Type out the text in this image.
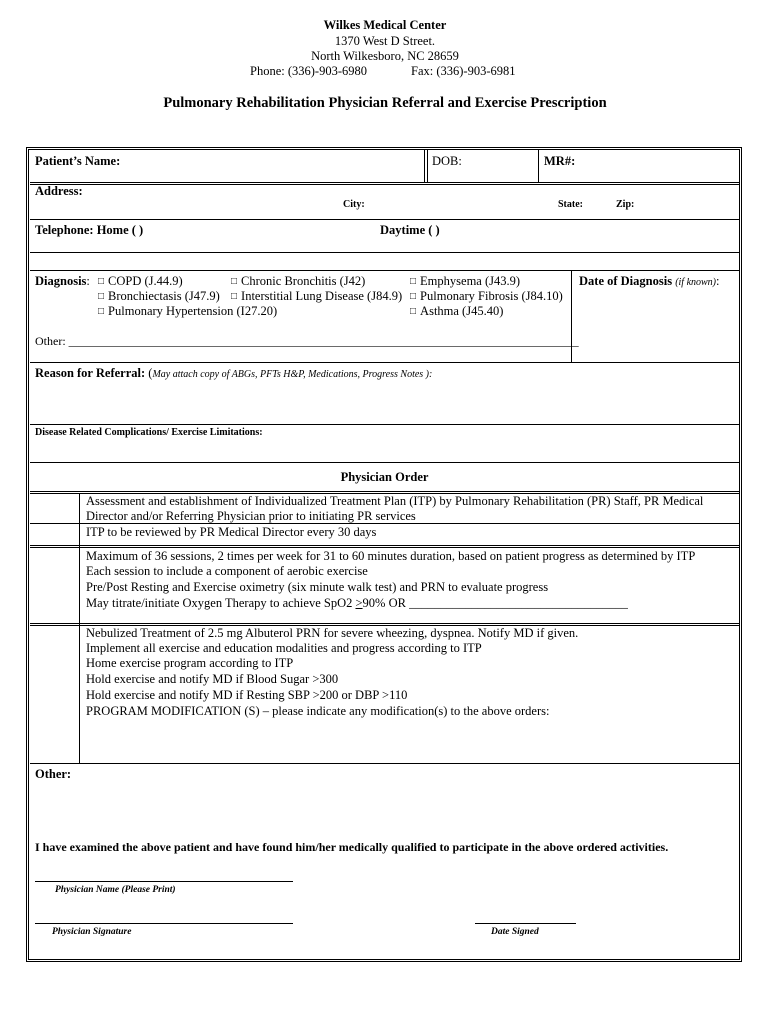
Wilkes Medical Center
1370 West D Street.
North Wilkesboro, NC 28659
Phone: (336)-903-6980	Fax: (336)-903-6981
Pulmonary Rehabilitation Physician Referral and Exercise Prescription
Patient’s Name:	DOB:	MR#:
Address:
City:	State:	Zip:
Telephone: Home ( )	Daytime ( )
Diagnosis:	□ COPD (J.44.9)	□ Chronic Bronchitis (J42)	□ Emphysema (J43.9)
□ Bronchiectasis (J47.9)	□ Interstitial Lung Disease (J84.9)	□ Pulmonary Fibrosis (J84.10)
□ Pulmonary Hypertension (I27.20)	□ Asthma (J45.40)
Other: _____________________________________________________________________________________
Date of Diagnosis (if known):
Reason for Referral: (May attach copy of ABGs, PFTs H&P, Medications, Progress Notes ):
Disease Related Complications/ Exercise Limitations:
Physician Order
Assessment and establishment of Individualized Treatment Plan (ITP) by Pulmonary Rehabilitation (PR) Staff, PR Medical
Director and/or Referring Physician prior to initiating PR services
ITP to be reviewed by PR Medical Director every 30 days
Maximum of 36 sessions, 2 times per week for 31 to 60 minutes duration, based on patient progress as determined by ITP
Each session to include a component of aerobic exercise
Pre/Post Resting and Exercise oximetry (six minute walk test) and PRN to evaluate progress
May titrate/initiate Oxygen Therapy to achieve SpO2 >90% OR ___________________________________
Nebulized Treatment of 2.5 mg Albuterol PRN for severe wheezing, dyspnea. Notify MD if given.
Implement all exercise and education modalities and progress according to ITP
Home exercise program according to ITP
Hold exercise and notify MD if Blood Sugar >300
Hold exercise and notify MD if Resting SBP >200 or DBP >110
PROGRAM MODIFICATION (S) – please indicate any modification(s) to the above orders:
Other:
I have examined the above patient and have found him/her medically qualified to participate in the above ordered activities.
Physician Name (Please Print)
Physician Signature	Date Signed
